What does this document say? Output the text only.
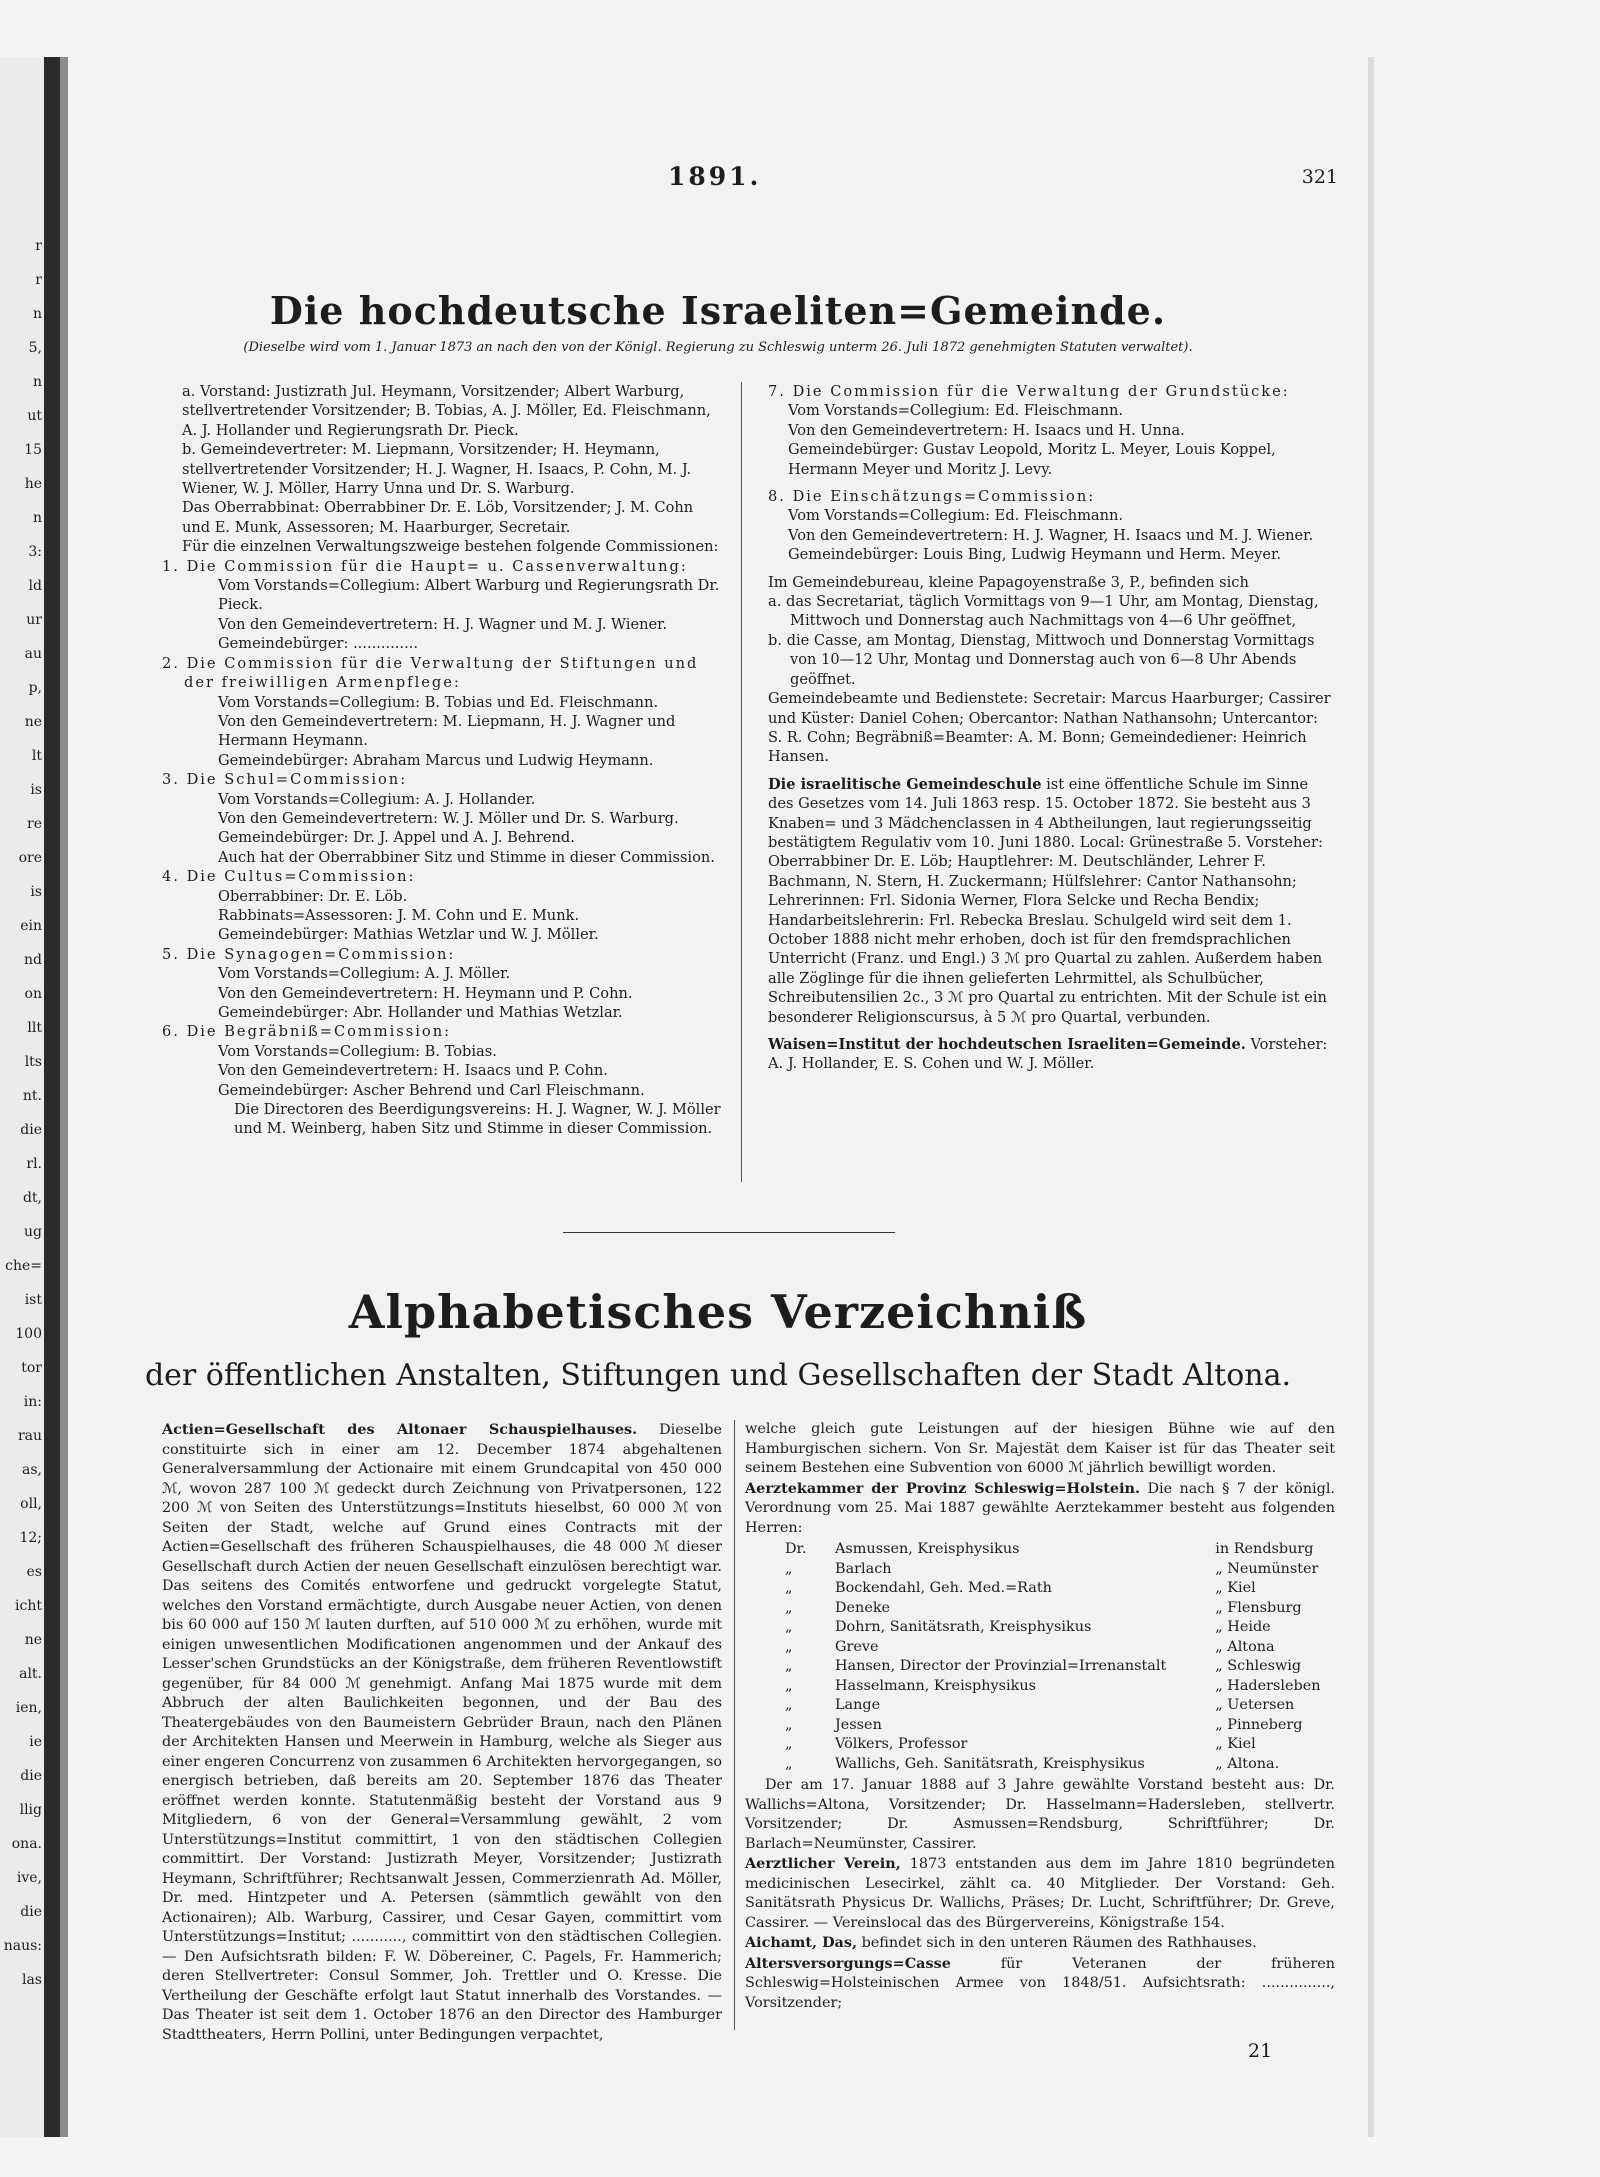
r
r
n
5,
n
ut
15
he
n
3:
ld
ur
au
p,
ne
lt
is
re
ore
is
ein
nd
on
llt
lts
nt.
die
rl.
dt,
ug
che=
ist
100
tor
in:
rau
as,
oll,
12;
es
icht
ne
alt.
ien,
ie
die
llig
ona.
ive,
die
naus:
las
1891.	321
Die hochdeutsche Israeliten=Gemeinde.
(Dieselbe wird vom 1. Januar 1873 an nach den von der Königl. Regierung zu Schleswig unterm 26. Juli 1872 genehmigten Statuten verwaltet).

a. Vorstand: Justizrath Jul. Heymann, Vorsitzender; Albert Warburg, stellvertretender Vorsitzender; B. Tobias, A. J. Möller, Ed. Fleischmann, A. J. Hollander und Regierungsrath Dr. Pieck.

b. Gemeindevertreter: M. Liepmann, Vorsitzender; H. Heymann, stellvertretender Vorsitzender; H. J. Wagner, H. Isaacs, P. Cohn, M. J. Wiener, W. J. Möller, Harry Unna und Dr. S. Warburg.

Das Oberrabbinat: Oberrabbiner Dr. E. Löb, Vorsitzender; J. M. Cohn und E. Munk, Assessoren; M. Haarburger, Secretair.

Für die einzelnen Verwaltungszweige bestehen folgende Commissionen:

1. Die Commission für die Haupt= u. Cassenverwaltung:

Vom Vorstands=Collegium: Albert Warburg und Regierungsrath Dr. Pieck.

Von den Gemeindevertretern: H. J. Wagner und M. J. Wiener.

Gemeindebürger: ..............

2. Die Commission für die Verwaltung der Stiftungen und der freiwilligen Armenpflege:

Vom Vorstands=Collegium: B. Tobias und Ed. Fleischmann.

Von den Gemeindevertretern: M. Liepmann, H. J. Wagner und Hermann Heymann.

Gemeindebürger: Abraham Marcus und Ludwig Heymann.

3. Die Schul=Commission:

Vom Vorstands=Collegium: A. J. Hollander.

Von den Gemeindevertretern: W. J. Möller und Dr. S. Warburg.

Gemeindebürger: Dr. J. Appel und A. J. Behrend.

Auch hat der Oberrabbiner Sitz und Stimme in dieser Commission.

4. Die Cultus=Commission:

Oberrabbiner: Dr. E. Löb.

Rabbinats=Assessoren: J. M. Cohn und E. Munk.

Gemeindebürger: Mathias Wetzlar und W. J. Möller.

5. Die Synagogen=Commission:

Vom Vorstands=Collegium: A. J. Möller.

Von den Gemeindevertretern: H. Heymann und P. Cohn.

Gemeindebürger: Abr. Hollander und Mathias Wetzlar.

6. Die Begräbniß=Commission:

Vom Vorstands=Collegium: B. Tobias.

Von den Gemeindevertretern: H. Isaacs und P. Cohn.

Gemeindebürger: Ascher Behrend und Carl Fleischmann.

Die Directoren des Beerdigungsvereins: H. J. Wagner, W. J. Möller und M. Weinberg, haben Sitz und Stimme in dieser Commission.

7. Die Commission für die Verwaltung der Grundstücke:

Vom Vorstands=Collegium: Ed. Fleischmann.

Von den Gemeindevertretern: H. Isaacs und H. Unna.

Gemeindebürger: Gustav Leopold, Moritz L. Meyer, Louis Koppel, Hermann Meyer und Moritz J. Levy.

8. Die Einschätzungs=Commission:

Vom Vorstands=Collegium: Ed. Fleischmann.

Von den Gemeindevertretern: H. J. Wagner, H. Isaacs und M. J. Wiener.

Gemeindebürger: Louis Bing, Ludwig Heymann und Herm. Meyer.

Im Gemeindebureau, kleine Papagoyenstraße 3, P., befinden sich

a. das Secretariat, täglich Vormittags von 9—1 Uhr, am Montag, Dienstag, Mittwoch und Donnerstag auch Nachmittags von 4—6 Uhr geöffnet,

b. die Casse, am Montag, Dienstag, Mittwoch und Donnerstag Vormittags von 10—12 Uhr, Montag und Donnerstag auch von 6—8 Uhr Abends geöffnet.

Gemeindebeamte und Bedienstete: Secretair: Marcus Haarburger; Cassirer und Küster: Daniel Cohen; Obercantor: Nathan Nathansohn; Untercantor: S. R. Cohn; Begräbniß=Beamter: A. M. Bonn; Gemeindediener: Heinrich Hansen.

Die israelitische Gemeindeschule ist eine öffentliche Schule im Sinne des Gesetzes vom 14. Juli 1863 resp. 15. October 1872. Sie besteht aus 3 Knaben= und 3 Mädchenclassen in 4 Abtheilungen, laut regierungsseitig bestätigtem Regulativ vom 10. Juni 1880. Local: Grünestraße 5. Vorsteher: Oberrabbiner Dr. E. Löb; Hauptlehrer: M. Deutschländer, Lehrer F. Bachmann, N. Stern, H. Zuckermann; Hülfslehrer: Cantor Nathansohn; Lehrerinnen: Frl. Sidonia Werner, Flora Selcke und Recha Bendix; Handarbeitslehrerin: Frl. Rebecka Breslau. Schulgeld wird seit dem 1. October 1888 nicht mehr erhoben, doch ist für den fremdsprachlichen Unterricht (Franz. und Engl.) 3 ℳ pro Quartal zu zahlen. Außerdem haben alle Zöglinge für die ihnen gelieferten Lehrmittel, als Schulbücher, Schreibutensilien 2c., 3 ℳ pro Quartal zu entrichten. Mit der Schule ist ein besonderer Religionscursus, à 5 ℳ pro Quartal, verbunden.

Waisen=Institut der hochdeutschen Israeliten=Gemeinde. Vorsteher: A. J. Hollander, E. S. Cohen und W. J. Möller.

Alphabetisches Verzeichniß
der öffentlichen Anstalten, Stiftungen und Gesellschaften der Stadt Altona.

Actien=Gesellschaft des Altonaer Schauspielhauses. Dieselbe constituirte sich in einer am 12. December 1874 abgehaltenen Generalversammlung der Actionaire mit einem Grundcapital von 450 000 ℳ, wovon 287 100 ℳ gedeckt durch Zeichnung von Privatpersonen, 122 200 ℳ von Seiten des Unterstützungs=Instituts hieselbst, 60 000 ℳ von Seiten der Stadt, welche auf Grund eines Contracts mit der Actien=Gesellschaft des früheren Schauspielhauses, die 48 000 ℳ dieser Gesellschaft durch Actien der neuen Gesellschaft einzulösen berechtigt war. Das seitens des Comités entworfene und gedruckt vorgelegte Statut, welches den Vorstand ermächtigte, durch Ausgabe neuer Actien, von denen bis 60 000 auf 150 ℳ lauten durften, auf 510 000 ℳ zu erhöhen, wurde mit einigen unwesentlichen Modificationen angenommen und der Ankauf des Lesser'schen Grundstücks an der Königstraße, dem früheren Reventlowstift gegenüber, für 84 000 ℳ genehmigt. Anfang Mai 1875 wurde mit dem Abbruch der alten Baulichkeiten begonnen, und der Bau des Theatergebäudes von den Baumeistern Gebrüder Braun, nach den Plänen der Architekten Hansen und Meerwein in Hamburg, welche als Sieger aus einer engeren Concurrenz von zusammen 6 Architekten hervorgegangen, so energisch betrieben, daß bereits am 20. September 1876 das Theater eröffnet werden konnte. Statutenmäßig besteht der Vorstand aus 9 Mitgliedern, 6 von der General=Versammlung gewählt, 2 vom Unterstützungs=Institut committirt, 1 von den städtischen Collegien committirt. Der Vorstand: Justizrath Meyer, Vorsitzender; Justizrath Heymann, Schriftführer; Rechtsanwalt Jessen, Commerzienrath Ad. Möller, Dr. med. Hintzpeter und A. Petersen (sämmtlich gewählt von den Actionairen); Alb. Warburg, Cassirer, und Cesar Gayen, committirt vom Unterstützungs=Institut; ..........., committirt von den städtischen Collegien. — Den Aufsichtsrath bilden: F. W. Döbereiner, C. Pagels, Fr. Hammerich; deren Stellvertreter: Consul Sommer, Joh. Trettler und O. Kresse. Die Vertheilung der Geschäfte erfolgt laut Statut innerhalb des Vorstandes. — Das Theater ist seit dem 1. October 1876 an den Director des Hamburger Stadttheaters, Herrn Pollini, unter Bedingungen verpachtet,

welche gleich gute Leistungen auf der hiesigen Bühne wie auf den Hamburgischen sichern. Von Sr. Majestät dem Kaiser ist für das Theater seit seinem Bestehen eine Subvention von 6000 ℳ jährlich bewilligt worden.

Aerztekammer der Provinz Schleswig=Holstein. Die nach § 7 der königl. Verordnung vom 25. Mai 1887 gewählte Aerztekammer besteht aus folgenden Herren:

Dr.	Asmussen, Kreisphysikus	in Rendsburg
„	Barlach	„ Neumünster
„	Bockendahl, Geh. Med.=Rath	„ Kiel
„	Deneke	„ Flensburg
„	Dohrn, Sanitätsrath, Kreisphysikus	„ Heide
„	Greve	„ Altona
„	Hansen, Director der Provinzial=Irrenanstalt	„ Schleswig
„	Hasselmann, Kreisphysikus	„ Hadersleben
„	Lange	„ Uetersen
„	Jessen	„ Pinneberg
„	Völkers, Professor	„ Kiel
„	Wallichs, Geh. Sanitätsrath, Kreisphysikus	„ Altona.

Der am 17. Januar 1888 auf 3 Jahre gewählte Vorstand besteht aus: Dr. Wallichs=Altona, Vorsitzender; Dr. Hasselmann=Hadersleben, stellvertr. Vorsitzender; Dr. Asmussen=Rendsburg, Schriftführer; Dr. Barlach=Neumünster, Cassirer.

Aerztlicher Verein, 1873 entstanden aus dem im Jahre 1810 begründeten medicinischen Lesecirkel, zählt ca. 40 Mitglieder. Der Vorstand: Geh. Sanitätsrath Physicus Dr. Wallichs, Präses; Dr. Lucht, Schriftführer; Dr. Greve, Cassirer. — Vereinslocal das des Bürgervereins, Königstraße 154.

Aichamt, Das, befindet sich in den unteren Räumen des Rathhauses.

Altersversorgungs=Casse für Veteranen der früheren Schleswig=Holsteinischen Armee von 1848/51. Aufsichtsrath: ..............., Vorsitzender;

21
